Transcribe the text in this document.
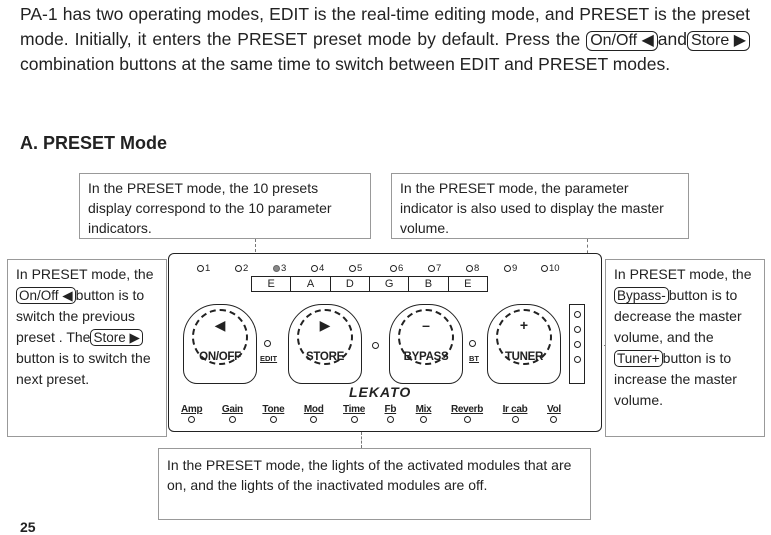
PA-1 has two operating modes, EDIT is the real-time editing mode, and PRESET is the preset mode. Initially, it enters the PRESET preset mode by default. Press the On/Off ◀ and Store ▶combination buttons at the same time to switch between EDIT and PRESET modes.
A. PRESET Mode
In the PRESET mode, the 10 presets display correspond to the 10 parameter indicators.
In the PRESET mode, the parameter indicator is also used to display the master volume.
In PRESET mode, theOn/Off ◀ button is to switch the previous preset . The Store ▶button is to switch the next preset.
In PRESET mode, theBypass- button is to decrease the master volume, and theTuner+ button is to increase the master volume.
In the PRESET mode, the lights of the activated modules that are on, and the lights of the inactivated modules are off.
1	2	3	4	5	6	7	8	9	10
E	A	D	G	B	E
◀
ON/OFF
▶
STORE
–
BYPASS
+
TUNER
EDIT	BT
LEKATO
Amp Gain Tone Mod Time Fb Mix Reverb Ir cab Vol
25
